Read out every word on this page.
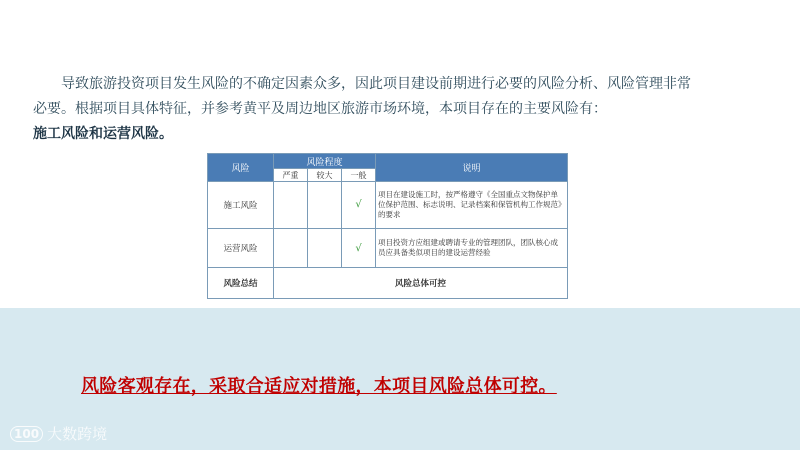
导致旅游投资项目发生风险的不确定因素众多，因此项目建设前期进行必要的风险分析、风险管理非常

必要。根据项目具体特征，并参考黄平及周边地区旅游市场环境，本项目存在的主要风险有：

施工风险和运营风险。

风险	风险程度			说明
	严重	较大	一般	
施工风险			√	项目在建设施工时，按严格遵守《全国重点文物保护单位保护范围、标志说明、记录档案和保管机构工作规范》的要求
运营风险			√	项目投资方应组建或聘请专业的管理团队，团队核心成员应具备类似项目的建设运营经验
风险总结	风险总体可控			
风险客观存在，采取合适应对措施，本项目风险总体可控。
100 大数跨境
